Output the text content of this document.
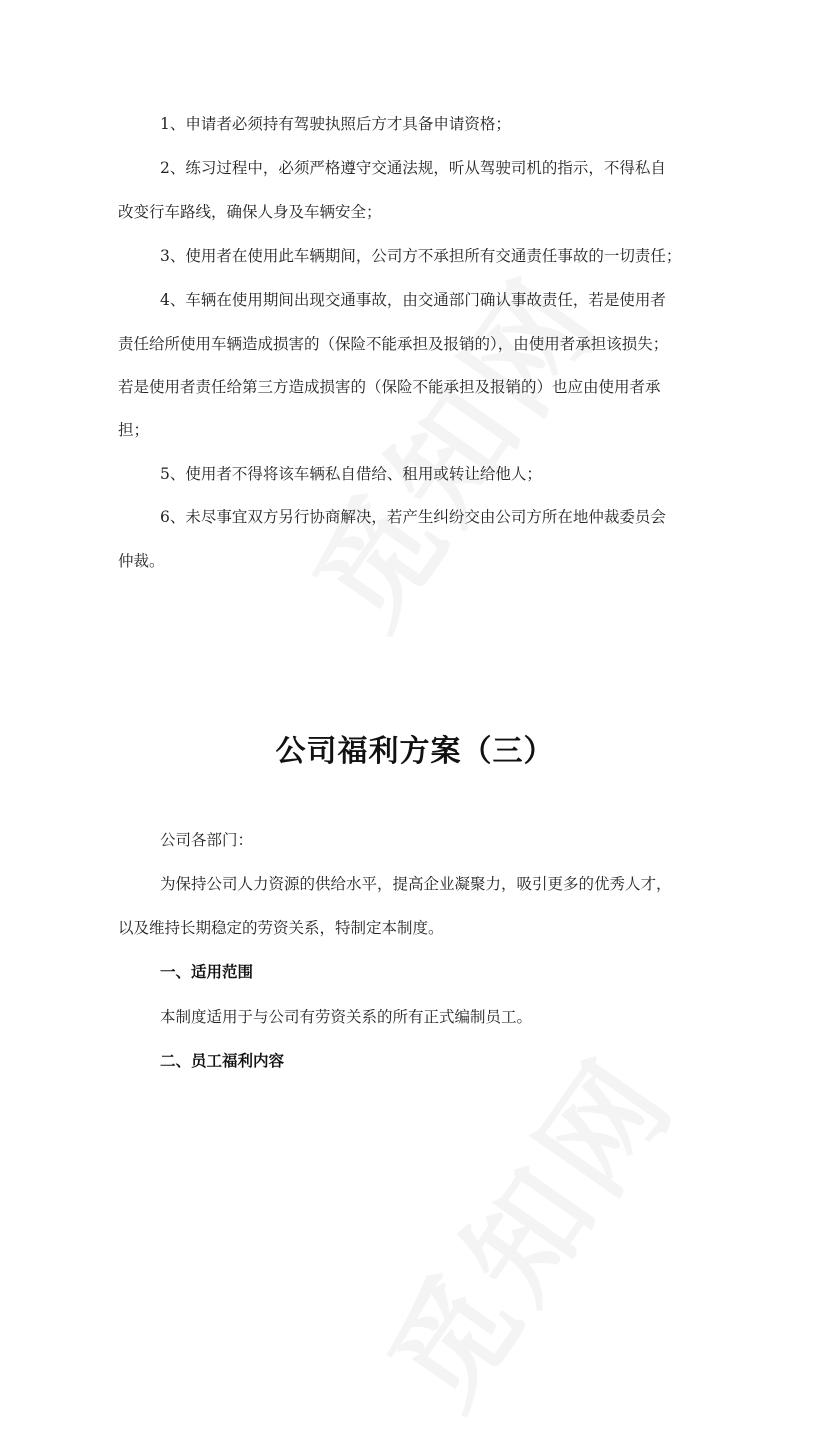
1、申请者必须持有驾驶执照后方才具备申请资格；
2、练习过程中，必须严格遵守交通法规，听从驾驶司机的指示，不得私自
改变行车路线，确保人身及车辆安全；
3、使用者在使用此车辆期间，公司方不承担所有交通责任事故的一切责任；
4、车辆在使用期间出现交通事故，由交通部门确认事故责任，若是使用者
责任给所使用车辆造成损害的（保险不能承担及报销的），由使用者承担该损失；
若是使用者责任给第三方造成损害的（保险不能承担及报销的）也应由使用者承
担；
5、使用者不得将该车辆私自借给、租用或转让给他人；
6、未尽事宜双方另行协商解决，若产生纠纷交由公司方所在地仲裁委员会
仲裁。
公司福利方案（三）
公司各部门：
为保持公司人力资源的供给水平，提高企业凝聚力，吸引更多的优秀人才，
以及维持长期稳定的劳资关系，特制定本制度。
一、适用范围
本制度适用于与公司有劳资关系的所有正式编制员工。
二、员工福利内容
